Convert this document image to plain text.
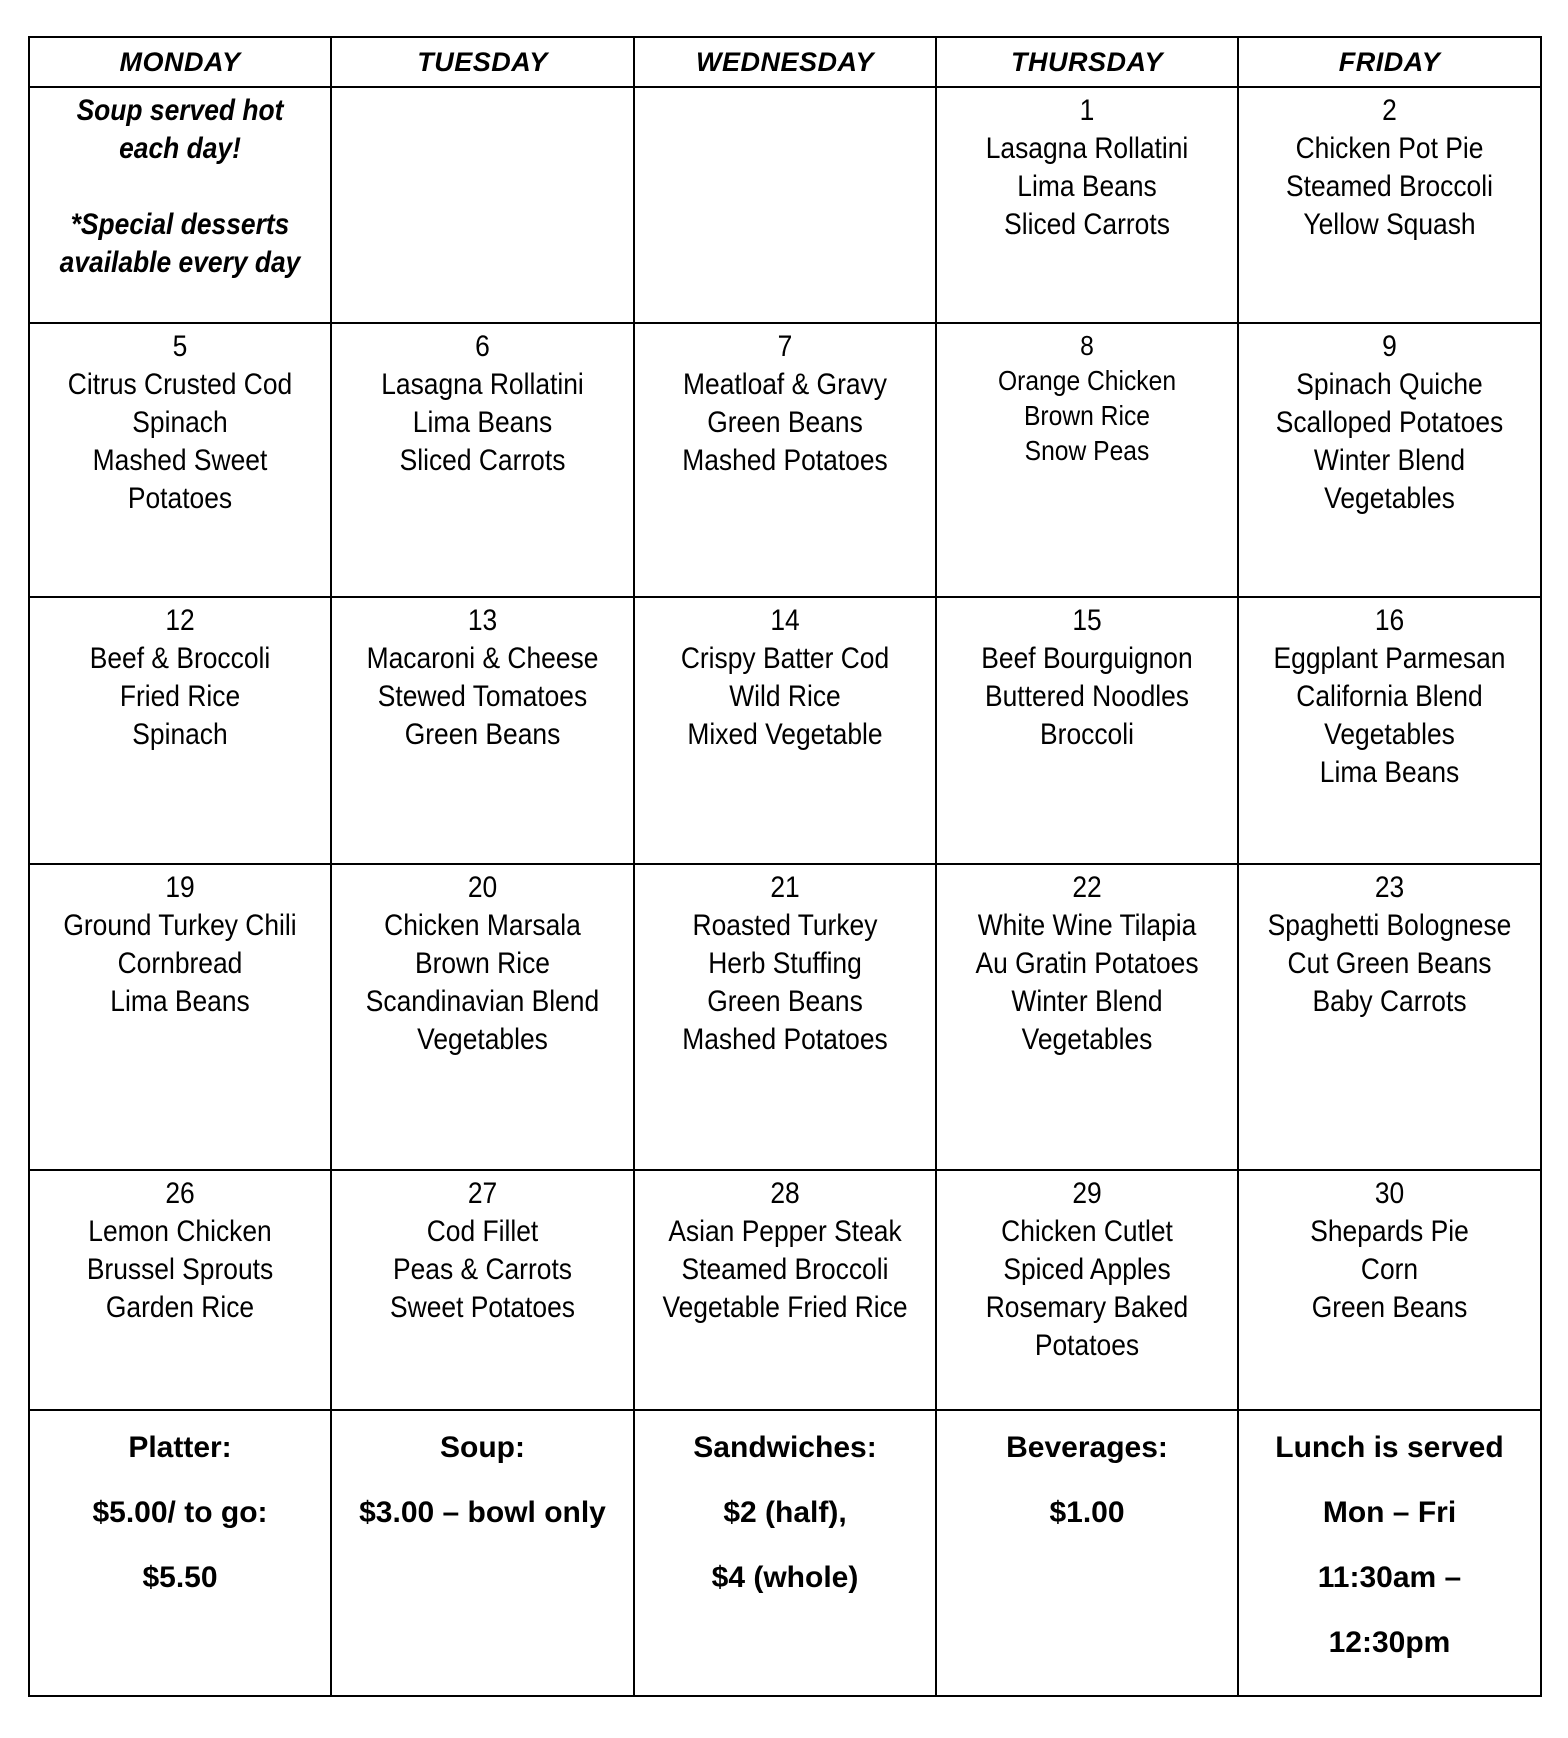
MONDAY	TUESDAY	WEDNESDAY	THURSDAY	FRIDAY

Soup served hot
each day!
*Special desserts
available every day			1
Lasagna Rollatini
Lima Beans
Sliced Carrots	2
Chicken Pot Pie
Steamed Broccoli
Yellow Squash

5
Citrus Crusted Cod
Spinach
Mashed Sweet
Potatoes	6
Lasagna Rollatini
Lima Beans
Sliced Carrots	7
Meatloaf & Gravy
Green Beans
Mashed Potatoes	8
Orange Chicken
Brown Rice
Snow Peas	9
Spinach Quiche
Scalloped Potatoes
Winter Blend
Vegetables

12
Beef & Broccoli
Fried Rice
Spinach	13
Macaroni & Cheese
Stewed Tomatoes
Green Beans	14
Crispy Batter Cod
Wild Rice
Mixed Vegetable	15
Beef Bourguignon
Buttered Noodles
Broccoli	16
Eggplant Parmesan
California Blend
Vegetables
Lima Beans

19
Ground Turkey Chili
Cornbread
Lima Beans	20
Chicken Marsala
Brown Rice
Scandinavian Blend
Vegetables	21
Roasted Turkey
Herb Stuffing
Green Beans
Mashed Potatoes	22
White Wine Tilapia
Au Gratin Potatoes
Winter Blend
Vegetables	23
Spaghetti Bolognese
Cut Green Beans
Baby Carrots

26
Lemon Chicken
Brussel Sprouts
Garden Rice	27
Cod Fillet
Peas & Carrots
Sweet Potatoes	28
Asian Pepper Steak
Steamed Broccoli
Vegetable Fried Rice	29
Chicken Cutlet
Spiced Apples
Rosemary Baked
Potatoes	30
Shepards Pie
Corn
Green Beans

Platter:
$5.00/ to go:
$5.50	Soup:
$3.00 – bowl only	Sandwiches:
$2 (half),
$4 (whole)	Beverages:
$1.00	Lunch is served
Mon – Fri
11:30am –
12:30pm
